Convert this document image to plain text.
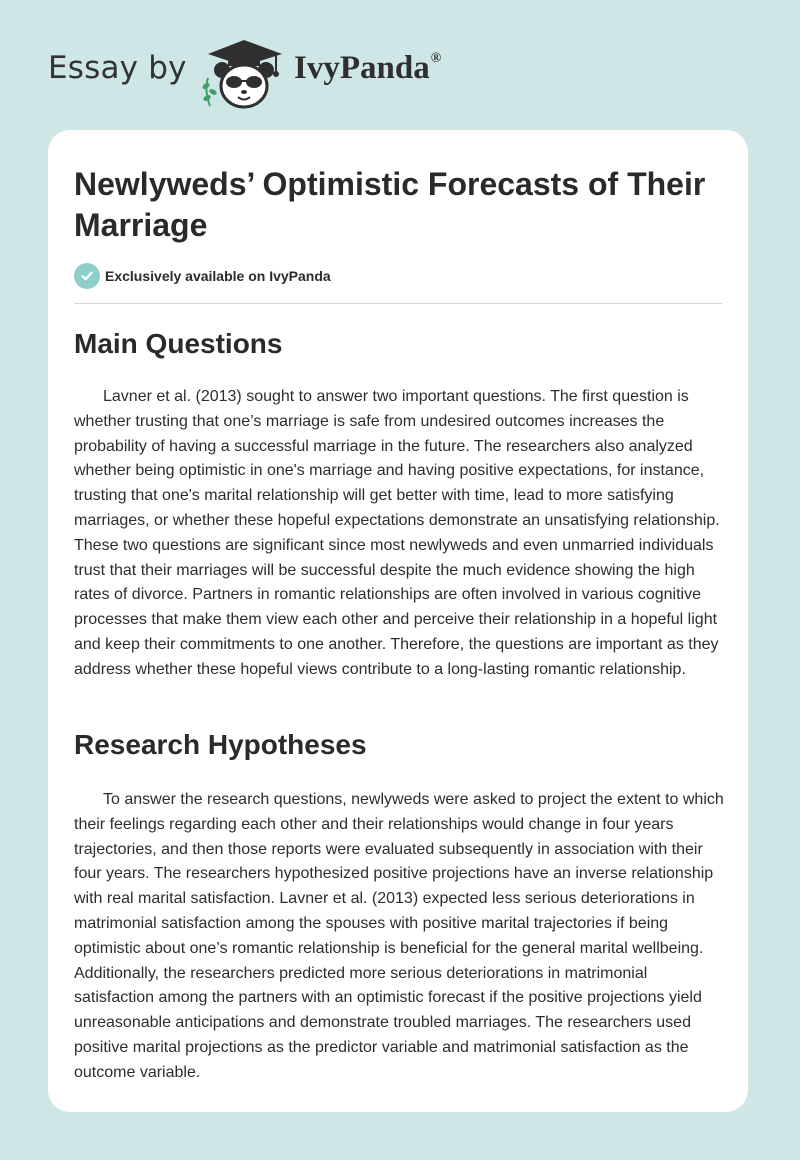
Essay by	IvyPanda®
Newlyweds’ Optimistic Forecasts of Their Marriage
Exclusively available on IvyPanda
Main Questions

Lavner et al. (2013) sought to answer two important questions. The first question is whether trusting that one’s marriage is safe from undesired outcomes increases the probability of having a successful marriage in the future. The researchers also analyzed whether being optimistic in one's marriage and having positive expectations, for instance, trusting that one's marital relationship will get better with time, lead to more satisfying marriages, or whether these hopeful expectations demonstrate an unsatisfying relationship. These two questions are significant since most newlyweds and even unmarried individuals trust that their marriages will be successful despite the much evidence showing the high rates of divorce. Partners in romantic relationships are often involved in various cognitive processes that make them view each other and perceive their relationship in a hopeful light and keep their commitments to one another. Therefore, the questions are important as they address whether these hopeful views contribute to a long-lasting romantic relationship.

Research Hypotheses

To answer the research questions, newlyweds were asked to project the extent to which their feelings regarding each other and their relationships would change in four years trajectories, and then those reports were evaluated subsequently in association with their four years. The researchers hypothesized positive projections have an inverse relationship with real marital satisfaction. Lavner et al. (2013) expected less serious deteriorations in matrimonial satisfaction among the spouses with positive marital trajectories if being optimistic about one’s romantic relationship is beneficial for the general marital wellbeing. Additionally, the researchers predicted more serious deteriorations in matrimonial satisfaction among the partners with an optimistic forecast if the positive projections yield unreasonable anticipations and demonstrate troubled marriages. The researchers used positive marital projections as the predictor variable and matrimonial satisfaction as the outcome variable.
